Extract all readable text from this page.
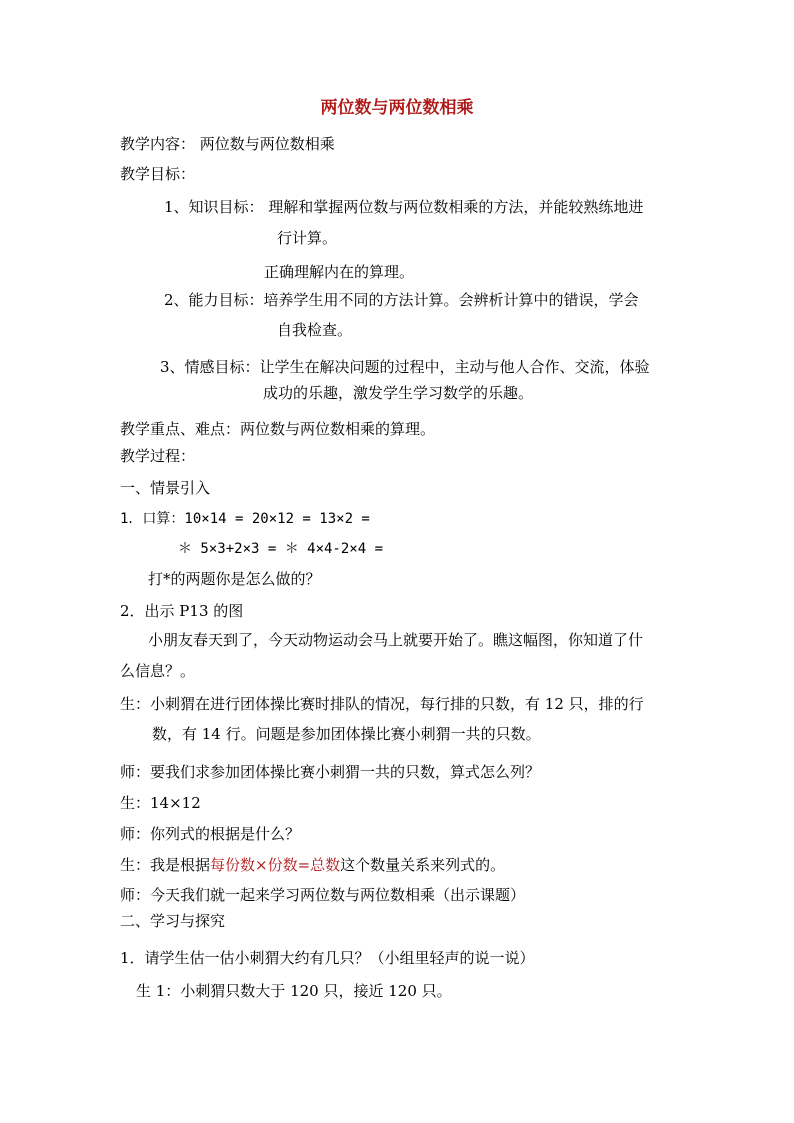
两位数与两位数相乘
教学内容： 两位数与两位数相乘
教学目标：
1、知识目标： 理解和掌握两位数与两位数相乘的方法，并能较熟练地进
行计算。
正确理解内在的算理。
2、能力目标：培养学生用不同的方法计算。会辨析计算中的错误，学会
自我检查。
3、情感目标：让学生在解决问题的过程中，主动与他人合作、交流，体验
成功的乐趣，激发学生学习数学的乐趣。
教学重点、难点：两位数与两位数相乘的算理。
教学过程：
一、情景引入
1．口算：10×14 = 20×12 = 13×2 =
＊ 5×3+2×3 = ＊ 4×4-2×4 =
打*的两题你是怎么做的？
2．出示 P13 的图
小朋友春天到了，今天动物运动会马上就要开始了。瞧这幅图，你知道了什
么信息？。
生：小刺猬在进行团体操比赛时排队的情况，每行排的只数，有 12 只，排的行
数，有 14 行。问题是参加团体操比赛小刺猬一共的只数。
师：要我们求参加团体操比赛小刺猬一共的只数，算式怎么列？
生：14×12
师：你列式的根据是什么？
生：我是根据每份数×份数=总数这个数量关系来列式的。
师：今天我们就一起来学习两位数与两位数相乘（出示课题）
二、学习与探究
1．请学生估一估小刺猬大约有几只？（小组里轻声的说一说）
生 1：小刺猬只数大于 120 只，接近 120 只。
